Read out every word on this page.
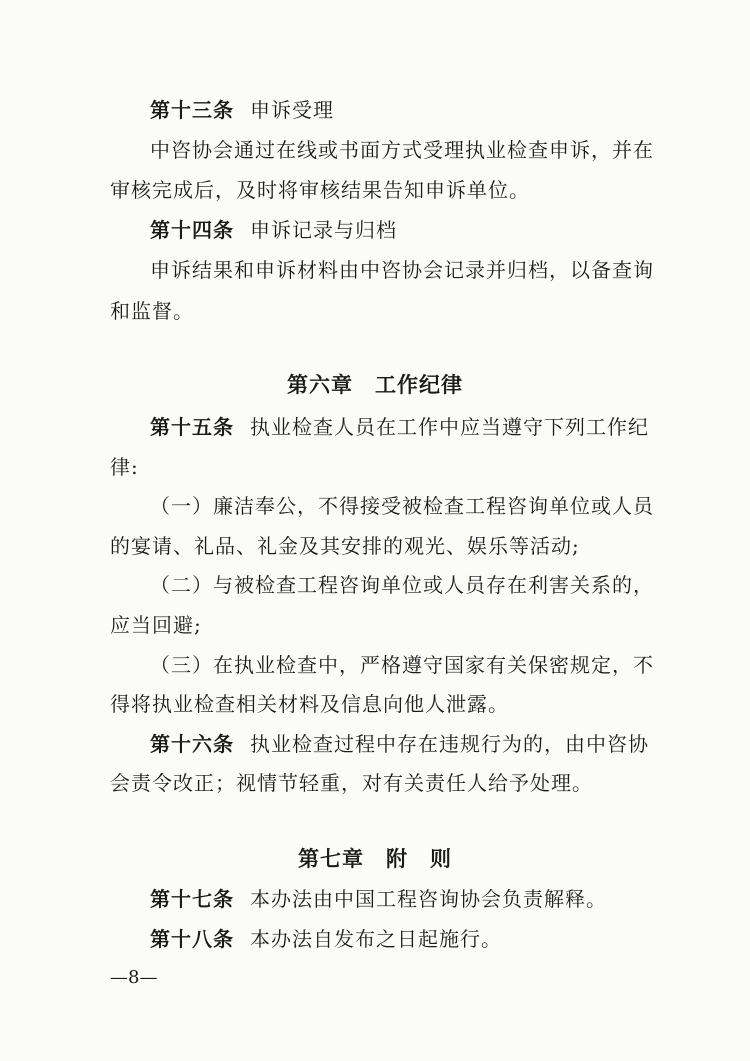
第十三条 申诉受理
中咨协会通过在线或书面方式受理执业检查申诉，并在
审核完成后，及时将审核结果告知申诉单位。
第十四条 申诉记录与归档
申诉结果和申诉材料由中咨协会记录并归档，以备查询
和监督。
第六章　工作纪律
第十五条 执业检查人员在工作中应当遵守下列工作纪
律:
（一）廉洁奉公，不得接受被检查工程咨询单位或人员
的宴请、礼品、礼金及其安排的观光、娱乐等活动;
（二）与被检查工程咨询单位或人员存在利害关系的，
应当回避;
（三）在执业检查中，严格遵守国家有关保密规定，不
得将执业检查相关材料及信息向他人泄露。
第十六条 执业检查过程中存在违规行为的，由中咨协
会责令改正；视情节轻重，对有关责任人给予处理。
第七章　附　则
第十七条 本办法由中国工程咨询协会负责解释。
第十八条 本办法自发布之日起施行。
—8—
